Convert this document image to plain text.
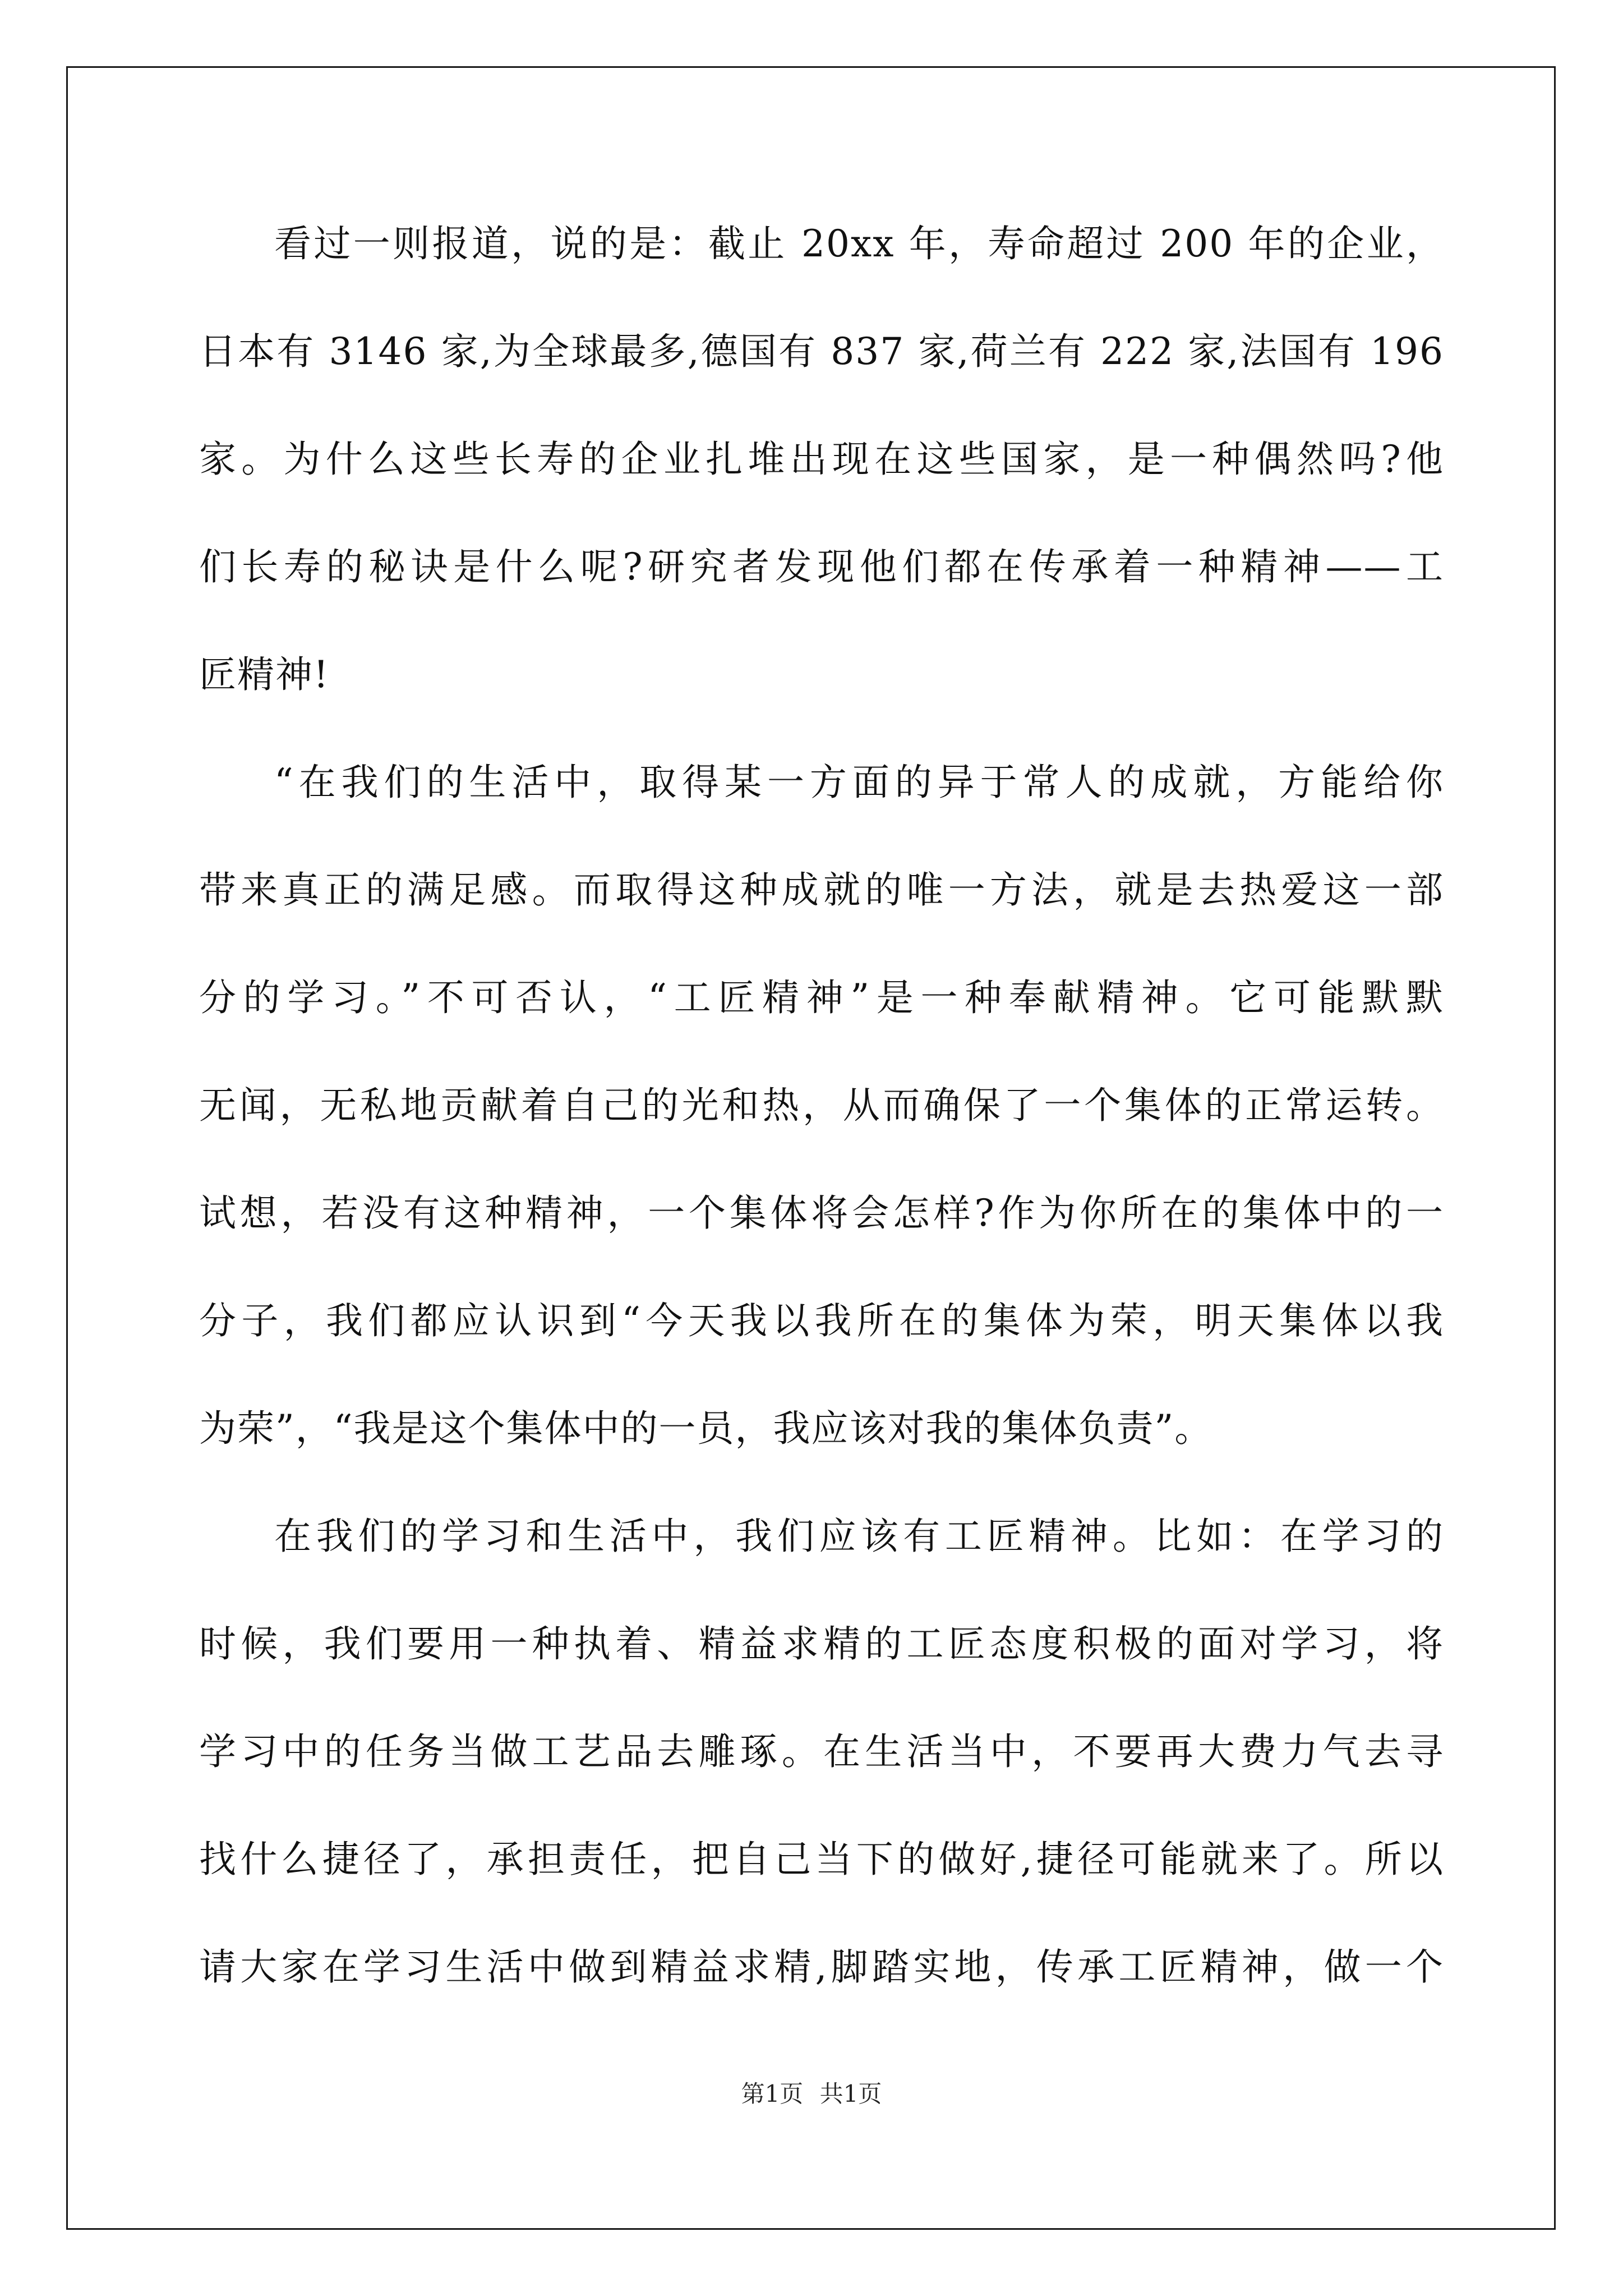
看过一则报道，说的是：截止 20xx 年，寿命超过 200 年的企业，
日本有 3146 家,为全球最多,德国有 837 家,荷兰有 222 家,法国有 196
家。为什么这些长寿的企业扎堆出现在这些国家，是一种偶然吗?他
们长寿的秘诀是什么呢?研究者发现他们都在传承着一种精神——工
匠精神!
“在我们的生活中，取得某一方面的异于常人的成就，方能给你
带来真正的满足感。而取得这种成就的唯一方法，就是去热爱这一部
分的学习。”不可否认，“工匠精神”是一种奉献精神。它可能默默
无闻，无私地贡献着自己的光和热，从而确保了一个集体的正常运转。
试想，若没有这种精神，一个集体将会怎样?作为你所在的集体中的一
分子，我们都应认识到“今天我以我所在的集体为荣，明天集体以我
为荣”，“我是这个集体中的一员，我应该对我的集体负责”。
在我们的学习和生活中，我们应该有工匠精神。比如：在学习的
时候，我们要用一种执着、精益求精的工匠态度积极的面对学习，将
学习中的任务当做工艺品去雕琢。在生活当中，不要再大费力气去寻
找什么捷径了，承担责任，把自己当下的做好,捷径可能就来了。所以
请大家在学习生活中做到精益求精,脚踏实地，传承工匠精神，做一个
第1页 共1页
